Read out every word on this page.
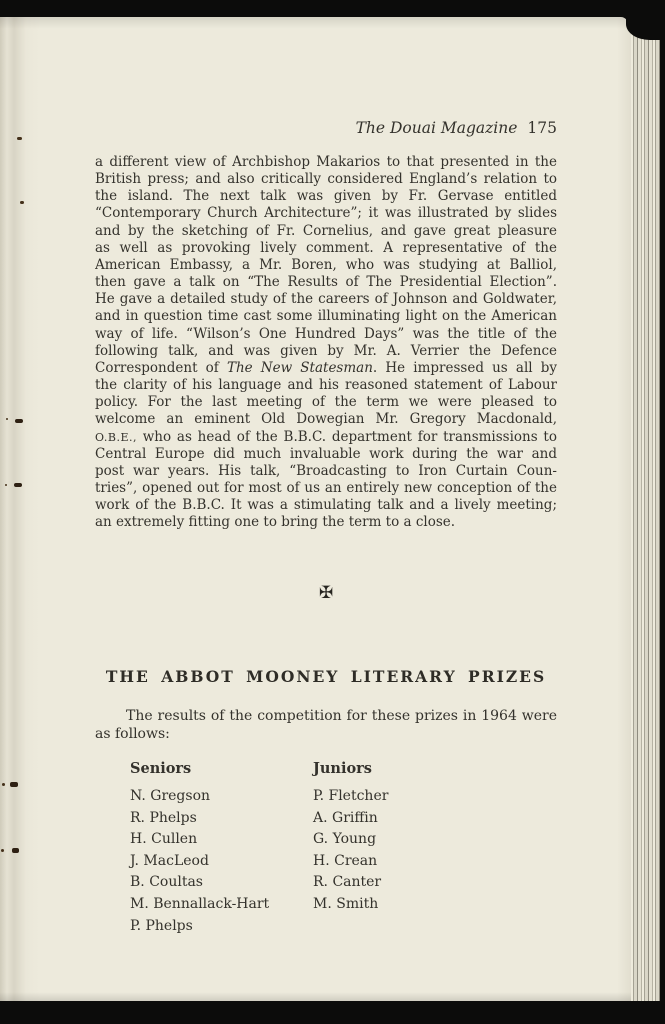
The Douai Magazine 175
a different view of Archbishop Makarios to that presented in the
British press; and also critically considered England’s relation to
the island. The next talk was given by Fr. Gervase entitled
“Contemporary Church Architecture”; it was illustrated by slides
and by the sketching of Fr. Cornelius, and gave great pleasure
as well as provoking lively comment. A representative of the
American Embassy, a Mr. Boren, who was studying at Balliol,
then gave a talk on “The Results of The Presidential Election”.
He gave a detailed study of the careers of Johnson and Goldwater,
and in question time cast some illuminating light on the American
way of life. “Wilson’s One Hundred Days” was the title of the
following talk, and was given by Mr. A. Verrier the Defence
Correspondent of The New Statesman. He impressed us all by
the clarity of his language and his reasoned statement of Labour
policy. For the last meeting of the term we were pleased to
welcome an eminent Old Dowegian Mr. Gregory Macdonald,
O.B.E., who as head of the B.B.C. department for transmissions to
Central Europe did much invaluable work during the war and
post war years. His talk, “Broadcasting to Iron Curtain Coun-
tries”, opened out for most of us an entirely new conception of the
work of the B.B.C. It was a stimulating talk and a lively meeting;
an extremely fitting one to bring the term to a close.
✠
THE ABBOT MOONEY LITERARY PRIZES
The results of the competition for these prizes in 1964 were
as follows:
Seniors
N. Gregson
R. Phelps
H. Cullen
J. MacLeod
B. Coultas
M. Bennallack-Hart
P. Phelps
Juniors
P. Fletcher
A. Griffin
G. Young
H. Crean
R. Canter
M. Smith
